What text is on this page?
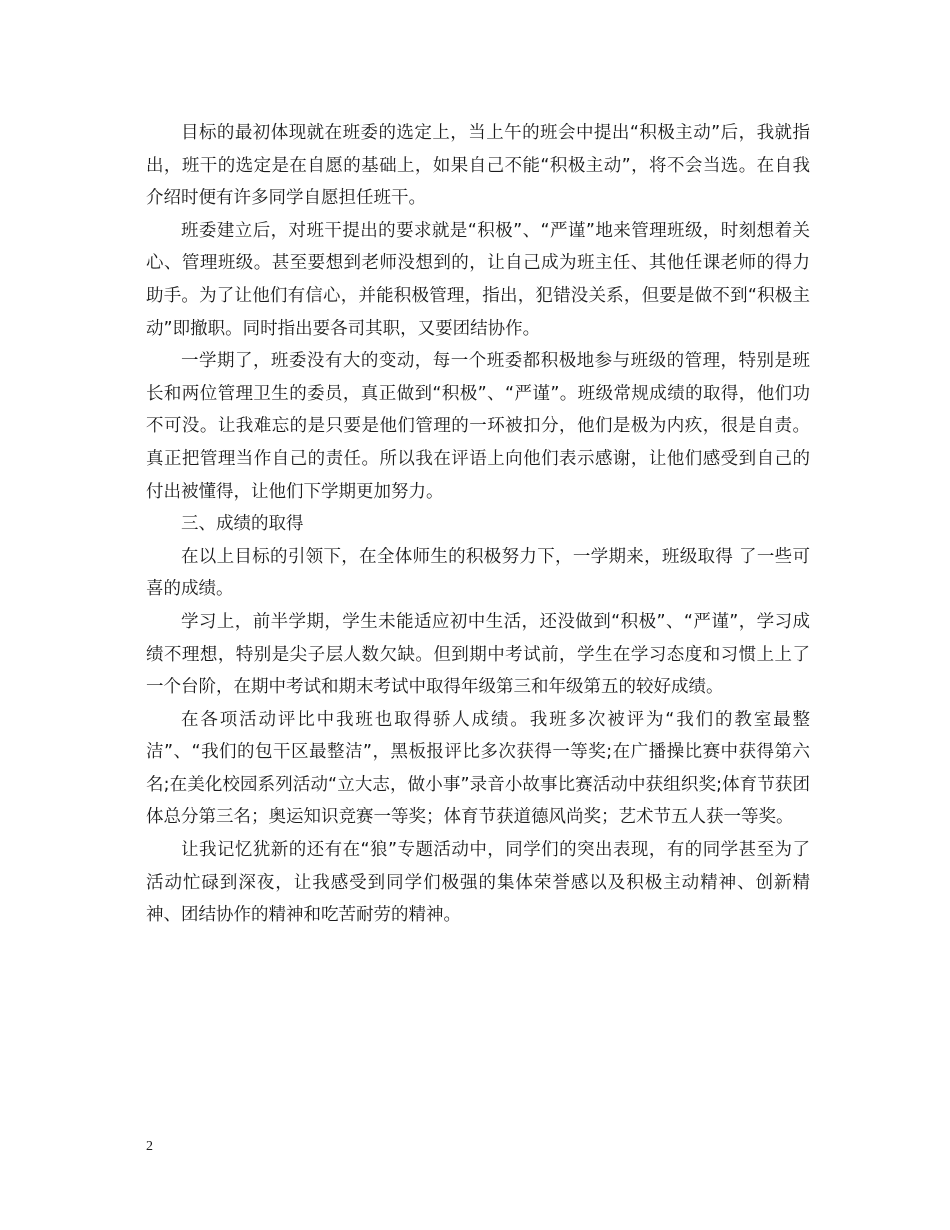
目标的最初体现就在班委的选定上，当上午的班会中提出“积极主动”后，我就指出，班干的选定是在自愿的基础上，如果自己不能“积极主动”，将不会当选。在自我介绍时便有许多同学自愿担任班干。

班委建立后，对班干提出的要求就是“积极”、“严谨”地来管理班级，时刻想着关心、管理班级。甚至要想到老师没想到的，让自己成为班主任、其他任课老师的得力助手。为了让他们有信心，并能积极管理，指出，犯错没关系，但要是做不到“积极主动”即撤职。同时指出要各司其职，又要团结协作。

一学期了，班委没有大的变动，每一个班委都积极地参与班级的管理，特别是班长和两位管理卫生的委员，真正做到“积极”、“严谨”。班级常规成绩的取得，他们功不可没。让我难忘的是只要是他们管理的一环被扣分，他们是极为内疚，很是自责。真正把管理当作自己的责任。所以我在评语上向他们表示感谢，让他们感受到自己的付出被懂得，让他们下学期更加努力。

三、成绩的取得

在以上目标的引领下，在全体师生的积极努力下，一学期来，班级取得 了一些可喜的成绩。

学习上，前半学期，学生未能适应初中生活，还没做到“积极”、“严谨”，学习成绩不理想，特别是尖子层人数欠缺。但到期中考试前，学生在学习态度和习惯上上了一个台阶，在期中考试和期末考试中取得年级第三和年级第五的较好成绩。

在各项活动评比中我班也取得骄人成绩。我班多次被评为“我们的教室最整洁”、“我们的包干区最整洁”，黑板报评比多次获得一等奖;在广播操比赛中获得第六名;在美化校园系列活动“立大志，做小事”录音小故事比赛活动中获组织奖;体育节获团体总分第三名；奥运知识竞赛一等奖；体育节获道德风尚奖；艺术节五人获一等奖。

让我记忆犹新的还有在“狼”专题活动中，同学们的突出表现，有的同学甚至为了活动忙碌到深夜，让我感受到同学们极强的集体荣誉感以及积极主动精神、创新精神、团结协作的精神和吃苦耐劳的精神。

2
